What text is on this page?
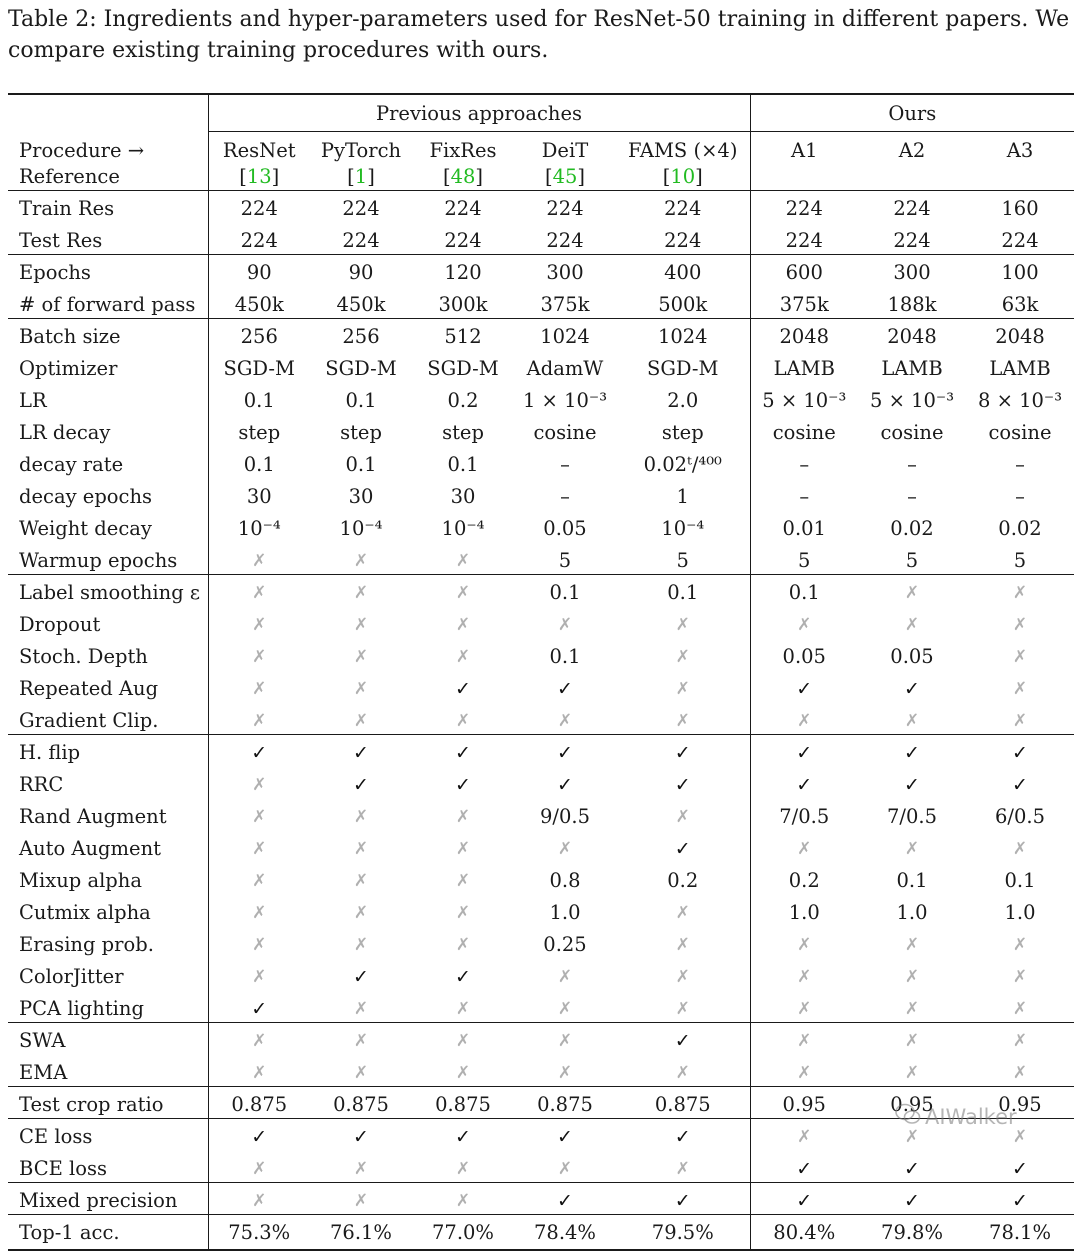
Table 2: Ingredients and hyper-parameters used for ResNet-50 training in different papers. We compare existing training procedures with ours.

	Previous approaches					Ours		
Procedure →	ResNet	PyTorch	FixRes	DeiT	FAMS (×4)	A1	A2	A3
Reference	[13]	[1]	[48]	[45]	[10]			
Train Res	224	224	224	224	224	224	224	160
Test Res	224	224	224	224	224	224	224	224
Epochs	90	90	120	300	400	600	300	100
# of forward pass	450k	450k	300k	375k	500k	375k	188k	63k
Batch size	256	256	512	1024	1024	2048	2048	2048
Optimizer	SGD-M	SGD-M	SGD-M	AdamW	SGD-M	LAMB	LAMB	LAMB
LR	0.1	0.1	0.2	1 × 10⁻³	2.0	5 × 10⁻³	5 × 10⁻³	8 × 10⁻³
LR decay	step	step	step	cosine	step	cosine	cosine	cosine
decay rate	0.1	0.1	0.1	–	0.02ᵗ/⁴⁰⁰	–	–	–
decay epochs	30	30	30	–	1	–	–	–
Weight decay	10⁻⁴	10⁻⁴	10⁻⁴	0.05	10⁻⁴	0.01	0.02	0.02
Warmup epochs	✗	✗	✗	5	5	5	5	5
Label smoothing ε	✗	✗	✗	0.1	0.1	0.1	✗	✗
Dropout	✗	✗	✗	✗	✗	✗	✗	✗
Stoch. Depth	✗	✗	✗	0.1	✗	0.05	0.05	✗
Repeated Aug	✗	✗	✓	✓	✗	✓	✓	✗
Gradient Clip.	✗	✗	✗	✗	✗	✗	✗	✗
H. flip	✓	✓	✓	✓	✓	✓	✓	✓
RRC	✗	✓	✓	✓	✓	✓	✓	✓
Rand Augment	✗	✗	✗	9/0.5	✗	7/0.5	7/0.5	6/0.5
Auto Augment	✗	✗	✗	✗	✓	✗	✗	✗
Mixup alpha	✗	✗	✗	0.8	0.2	0.2	0.1	0.1
Cutmix alpha	✗	✗	✗	1.0	✗	1.0	1.0	1.0
Erasing prob.	✗	✗	✗	0.25	✗	✗	✗	✗
ColorJitter	✗	✓	✓	✗	✗	✗	✗	✗
PCA lighting	✓	✗	✗	✗	✗	✗	✗	✗
SWA	✗	✗	✗	✗	✓	✗	✗	✗
EMA	✗	✗	✗	✗	✗	✗	✗	✗
Test crop ratio	0.875	0.875	0.875	0.875	0.875	0.95	0.95	0.95
CE loss	✓	✓	✓	✓	✓	✗	✗	✗
BCE loss	✗	✗	✗	✗	✗	✓	✓	✓
Mixed precision	✗	✗	✗	✓	✓	✓	✓	✓
Top-1 acc.	75.3%	76.1%	77.0%	78.4%	79.5%	80.4%	79.8%	78.1%
AIWalker
